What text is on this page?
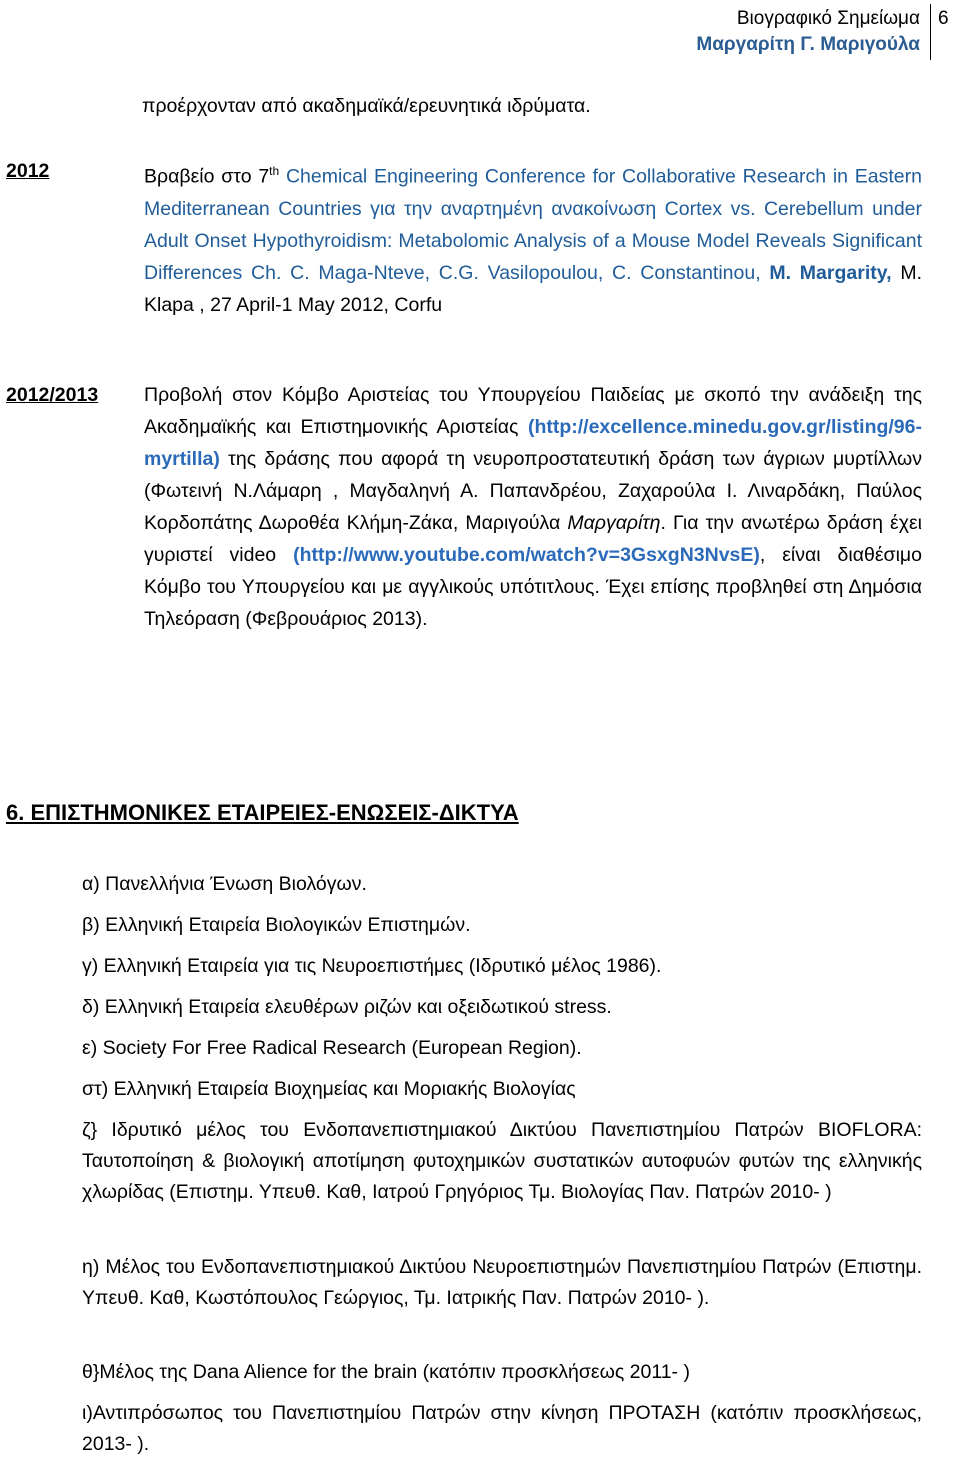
Βιογραφικό Σημείωμα
Μαργαρίτη Γ. Μαριγούλα
6

προέρχονταν από ακαδημαϊκά/ερευνητικά ιδρύματα.

2012	Βραβείο στο 7th Chemical Engineering Conference for Collaborative Research in Eastern Mediterranean Countries για την αναρτημένη ανακοίνωση Cortex vs. Cerebellum under Adult Onset Hypothyroidism: Metabolomic Analysis of a Mouse Model Reveals Significant Differences Ch. C. Maga-Nteve, C.G. Vasilopoulou, C. Constantinou, M. Margarity, M. Klapa , 27 April-1 May 2012, Corfu

2012/2013 Προβολή στον Κόμβο Αριστείας του Υπουργείου Παιδείας με σκοπό την ανάδειξη της Ακαδημαϊκής και Επιστημονικής Αριστείας (http://excellence.minedu.gov.gr/listing/96-myrtilla) της δράσης που αφορά τη νευροπροστατευτική δράση των άγριων μυρτίλλων (Φωτεινή Ν.Λάμαρη , Μαγδαληνή Α. Παπανδρέου, Ζαχαρούλα Ι. Λιναρδάκη, Παύλος Κορδοπάτης Δωροθέα Κλήμη-Ζάκα, Μαριγούλα Μαργαρίτη. Για την ανωτέρω δράση έχει γυριστεί video (http://www.youtube.com/watch?v=3GsxgN3NvsE), είναι διαθέσιμο Κόμβο του Υπουργείου και με αγγλικούς υπότιτλους. Έχει επίσης προβληθεί στη Δημόσια Τηλεόραση (Φεβρουάριος 2013).

6. ΕΠΙΣΤΗΜΟΝΙΚΕΣ ΕΤΑΙΡΕΙΕΣ-ΕΝΩΣΕΙΣ-ΔΙΚΤΥΑ

α) Πανελλήνια Ένωση Βιολόγων.

β) Ελληνική Εταιρεία Βιολογικών Επιστημών.

γ) Ελληνική Εταιρεία για τις Νευροεπιστήμες (Ιδρυτικό μέλος 1986).

δ) Ελληνική Εταιρεία ελευθέρων ριζών και οξειδωτικού stress.

ε) Society For Free Radical Research (European Region).

στ) Ελληνική Εταιρεία Βιοχημείας και Μοριακής Βιολογίας

ζ} Ιδρυτικό μέλος του Ενδοπανεπιστημιακού Δικτύου Πανεπιστημίου Πατρών BIOFLORA: Ταυτοποίηση & βιολογική αποτίμηση φυτοχημικών συστατικών αυτοφυών φυτών της ελληνικής χλωρίδας (Επιστημ. Υπευθ. Καθ, Ιατρού Γρηγόριος Τμ. Βιολογίας Παν. Πατρών 2010- )

η) Μέλος του Ενδοπανεπιστημιακού Δικτύου Νευροεπιστημών Πανεπιστημίου Πατρών (Επιστημ. Υπευθ. Καθ, Κωστόπουλος Γεώργιος, Τμ. Ιατρικής Παν. Πατρών 2010- ).

θ}Μέλος της Dana Alience for the brain (κατόπιν προσκλήσεως 2011- )

ι)Αντιπρόσωπος του Πανεπιστημίου Πατρών στην κίνηση ΠΡΟΤΑΣΗ (κατόπιν προσκλήσεως, 2013- ).
